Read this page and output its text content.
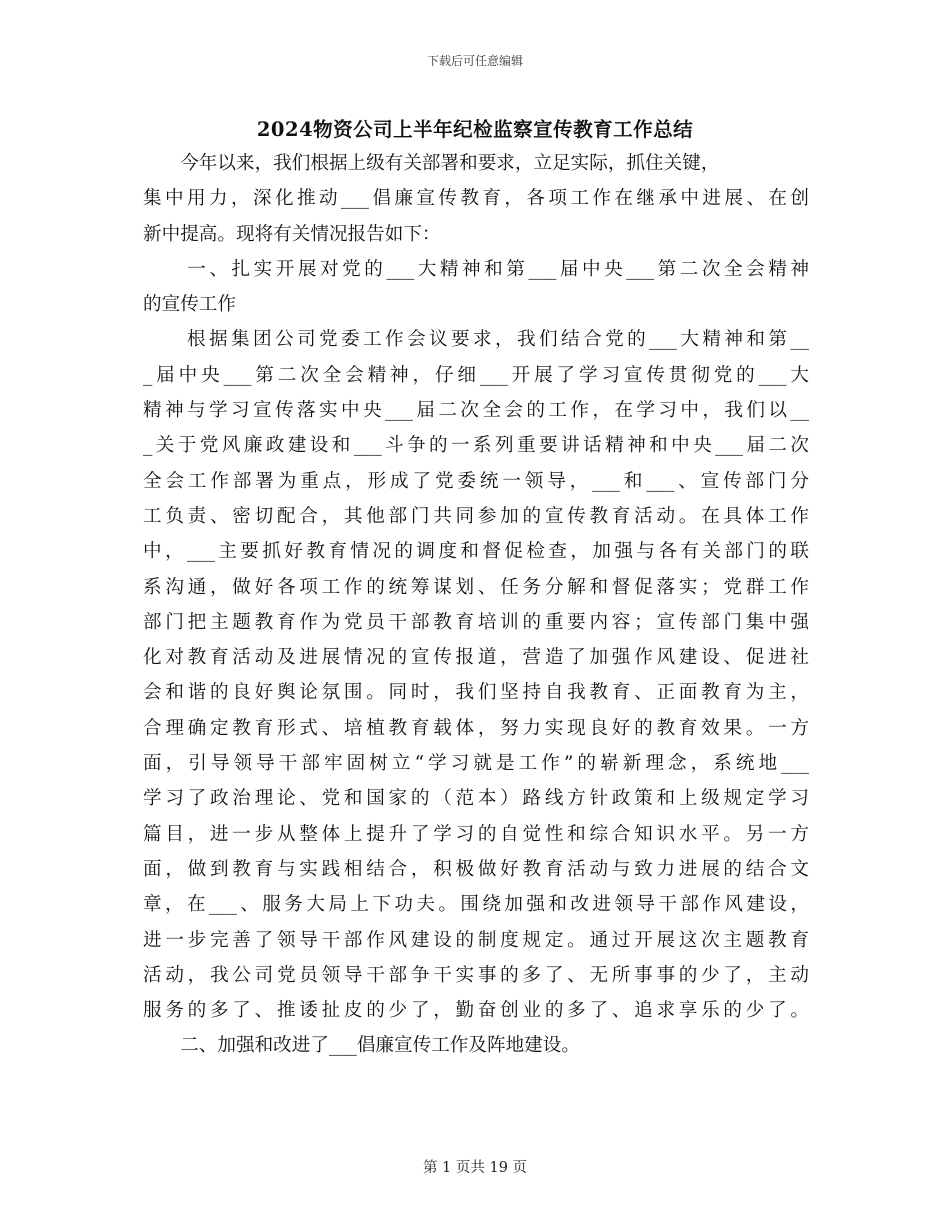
下载后可任意编辑
2024物资公司上半年纪检监察宣传教育工作总结
　　今年以来，我们根据上级有关部署和要求，立足实际，抓住关键，
集中用力，深化推动___倡廉宣传教育，各项工作在继承中进展、在创
新中提高。现将有关情况报告如下：
　　一、扎实开展对党的___大精神和第___届中央___第二次全会精神
的宣传工作
　　根据集团公司党委工作会议要求，我们结合党的___大精神和第__
_届中央___第二次全会精神，仔细___开展了学习宣传贯彻党的___大
精神与学习宣传落实中央___届二次全会的工作，在学习中，我们以__
_关于党风廉政建设和___斗争的一系列重要讲话精神和中央___届二次
全会工作部署为重点，形成了党委统一领导，___和___、宣传部门分
工负责、密切配合，其他部门共同参加的宣传教育活动。在具体工作
中，___主要抓好教育情况的调度和督促检查，加强与各有关部门的联
系沟通，做好各项工作的统筹谋划、任务分解和督促落实；党群工作
部门把主题教育作为党员干部教育培训的重要内容；宣传部门集中强
化对教育活动及进展情况的宣传报道，营造了加强作风建设、促进社
会和谐的良好舆论氛围。同时，我们坚持自我教育、正面教育为主，
合理确定教育形式、培植教育载体，努力实现良好的教育效果。一方
面，引导领导干部牢固树立“学习就是工作”的崭新理念，系统地___
学习了政治理论、党和国家的（范本）路线方针政策和上级规定学习
篇目，进一步从整体上提升了学习的自觉性和综合知识水平。另一方
面，做到教育与实践相结合，积极做好教育活动与致力进展的结合文
章，在___、服务大局上下功夫。围绕加强和改进领导干部作风建设，
进一步完善了领导干部作风建设的制度规定。通过开展这次主题教育
活动，我公司党员领导干部争干实事的多了、无所事事的少了，主动
服务的多了、推诿扯皮的少了，勤奋创业的多了、追求享乐的少了。
　　二、加强和改进了___倡廉宣传工作及阵地建设。
第 1 页共 19 页
